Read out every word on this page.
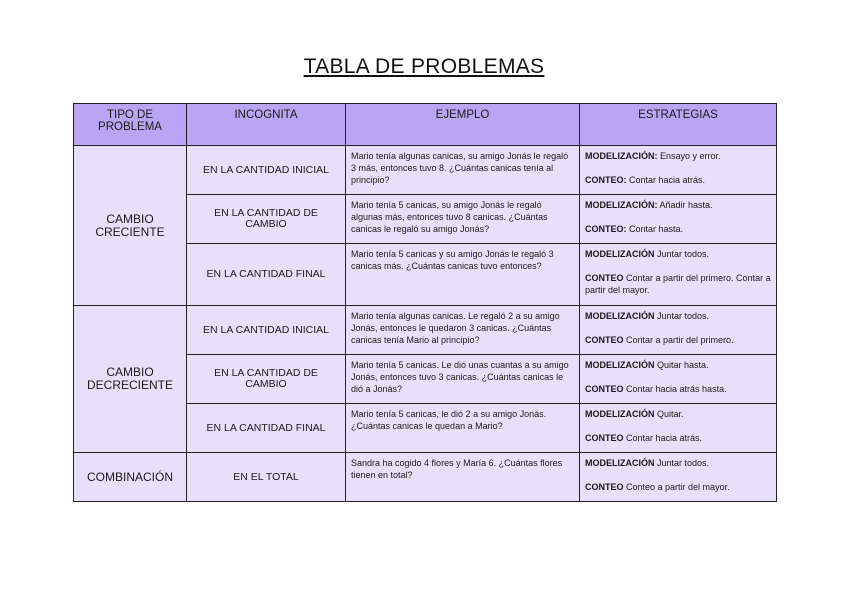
TABLA DE PROBLEMAS
TIPO DE PROBLEMA	INCOGNITA	EJEMPLO	ESTRATEGIAS
CAMBIO CRECIENTE	EN LA CANTIDAD INICIAL	Mario tenía algunas canicas, su amigo Jonás le regaló 3 más, entonces tuvo 8. ¿Cuántas canicas tenía al principio?	MODELIZACIÓN: Ensayo y error.
CONTEO: Contar hacia atrás.

	EN LA CANTIDAD DE CAMBIO	Mario tenía 5 canicas, su amigo Jonás le regaló algunas más, entonces tuvo 8 canicas. ¿Cuántas canicas le regaló su amigo Jonás?	MODELIZACIÓN: Añadir hasta.
CONTEO: Contar hasta.

	EN LA CANTIDAD FINAL	Mario tenía 5 canicas y su amigo Jonás le regaló 3 canicas más. ¿Cuántas canicas tuvo entonces?	MODELIZACIÓN Juntar todos.
CONTEO Contar a partir del primero. Contar a partir del mayor.

CAMBIO DECRECIENTE	EN LA CANTIDAD INICIAL	Mario tenía algunas canicas. Le regaló 2 a su amigo Jonás, entonces le quedaron 3 canicas. ¿Cuántas canicas tenía Mario al principio?	MODELIZACIÓN Juntar todos.
CONTEO Contar a partir del primero.

	EN LA CANTIDAD DE CAMBIO	Mario tenía 5 canicas. Le dió unas cuantas a su amigo Jonás, entonces tuvo 3 canicas. ¿Cuántas canicas le dió a Jonás?	MODELIZACIÓN Quitar hasta.
CONTEO Contar hacia atrás hasta.

	EN LA CANTIDAD FINAL	Mario tenía 5 canicas, le dió 2 a su amigo Jonás. ¿Cuántas canicas le quedan a Mario?	MODELIZACIÓN Quitar.
CONTEO Contar hacia atrás.

COMBINACIÓN	EN EL TOTAL	Sandra ha cogido 4 flores y María 6. ¿Cuántas flores tienen en total?	MODELIZACIÓN Juntar todos.
CONTEO Conteo a partir del mayor.
